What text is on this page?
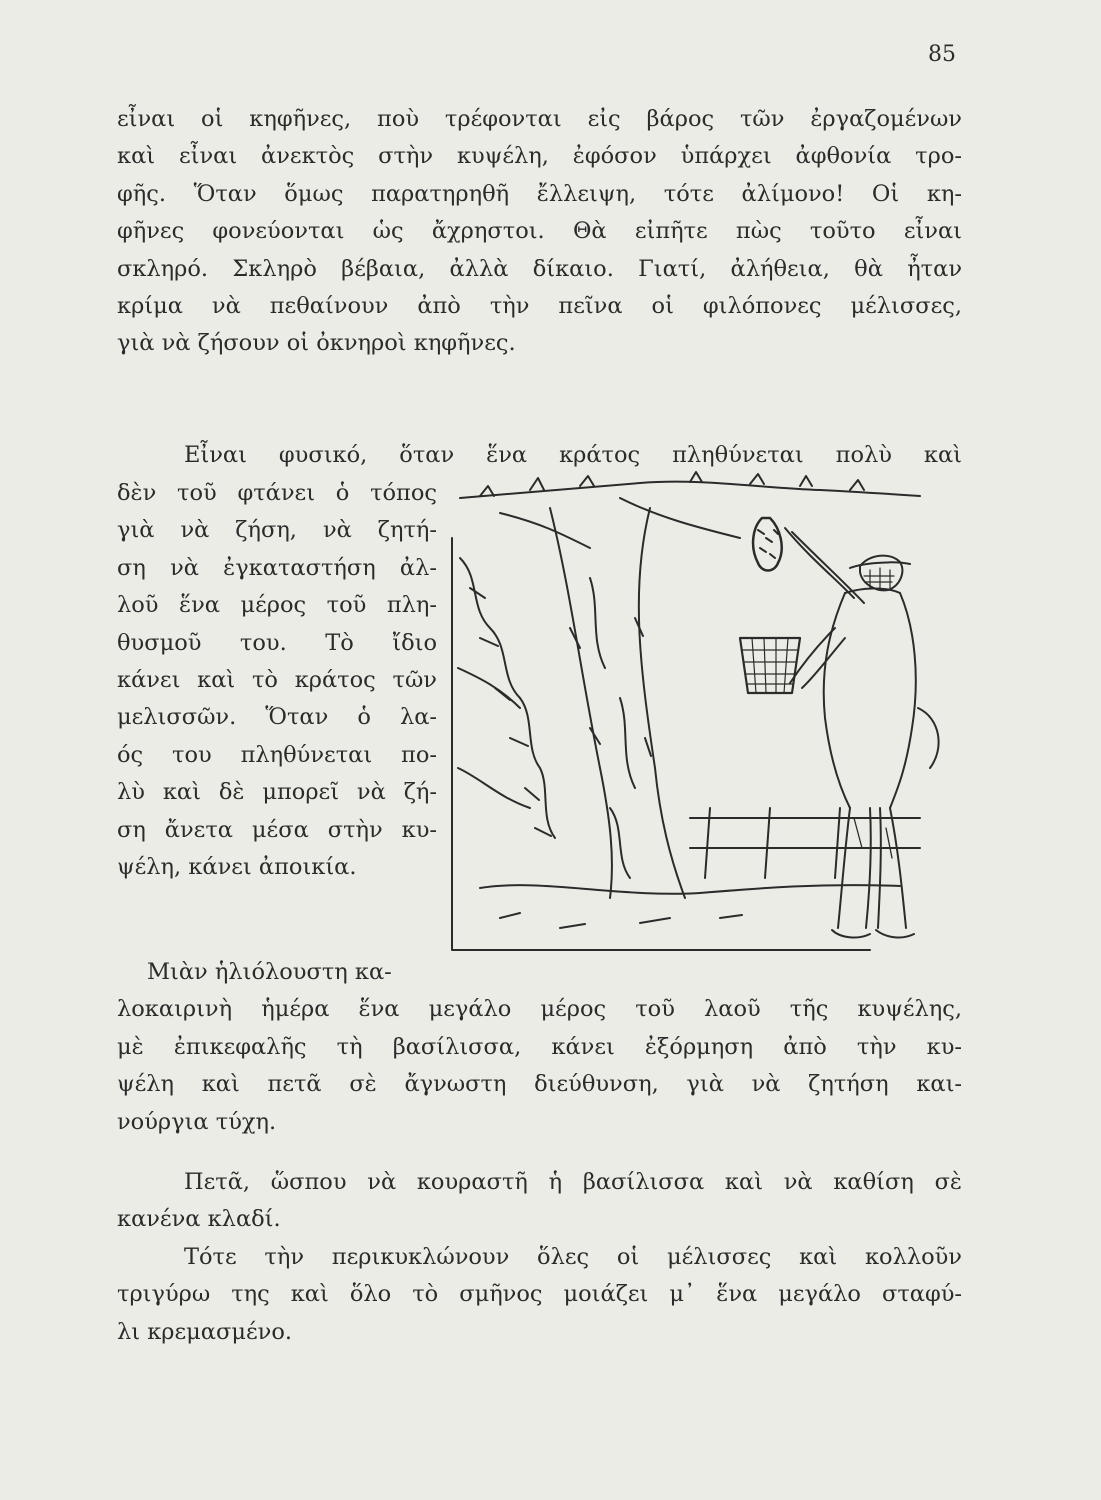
85

εἶναι οἱ κηφῆνες, ποὺ τρέφονται εἰς βάρος τῶν ἐργαζομένων
καὶ εἶναι ἀνεκτὸς στὴν κυψέλη, ἐφόσον ὑπάρχει ἀφθονία τρο-
φῆς. Ὅταν ὅμως παρατηρηθῆ ἔλλειψη, τότε ἀλίμονο! Οἱ κη-
φῆνες φονεύονται ὡς ἄχρηστοι. Θὰ εἰπῆτε πὼς τοῦτο εἶναι
σκληρό. Σκληρὸ βέβαια, ἀλλὰ δίκαιο. Γιατί, ἀλήθεια, θὰ ἦταν
κρίμα νὰ πεθαίνουν ἀπὸ τὴν πεῖνα οἱ φιλόπονες μέλισσες,
γιὰ νὰ ζήσουν οἱ ὀκνηροὶ κηφῆνες.

Εἶναι φυσικό, ὅταν ἕνα κράτος πληθύνεται πολὺ καὶ

δὲν τοῦ φτάνει ὁ τόπος
γιὰ νὰ ζήση, νὰ ζητή-
ση νὰ ἐγκαταστήση ἀλ-
λοῦ ἕνα μέρος τοῦ πλη-
θυσμοῦ του. Τὸ ἴδιο
κάνει καὶ τὸ κράτος τῶν
μελισσῶν. Ὅταν ὁ λα-
ός του πληθύνεται πο-
λὺ καὶ δὲ μπορεῖ νὰ ζή-
ση ἄνετα μέσα στὴν κυ-
ψέλη, κάνει ἀποικία.

Μιὰν ἡλιόλουστη κα-
λοκαιρινὴ ἡμέρα ἕνα μεγάλο μέρος τοῦ λαοῦ τῆς κυψέλης,
μὲ ἐπικεφαλῆς τὴ βασίλισσα, κάνει ἐξόρμηση ἀπὸ τὴν κυ-
ψέλη καὶ πετᾶ σὲ ἄγνωστη διεύθυνση, γιὰ νὰ ζητήση και-
νούργια τύχη.

Πετᾶ, ὥσπου νὰ κουραστῆ ἡ βασίλισσα καὶ νὰ καθίση σὲ
κανένα κλαδί.

Τότε τὴν περικυκλώνουν ὅλες οἱ μέλισσες καὶ κολλοῦν
τριγύρω της καὶ ὅλο τὸ σμῆνος μοιάζει μ᾽ ἕνα μεγάλο σταφύ-
λι κρεμασμένο.
